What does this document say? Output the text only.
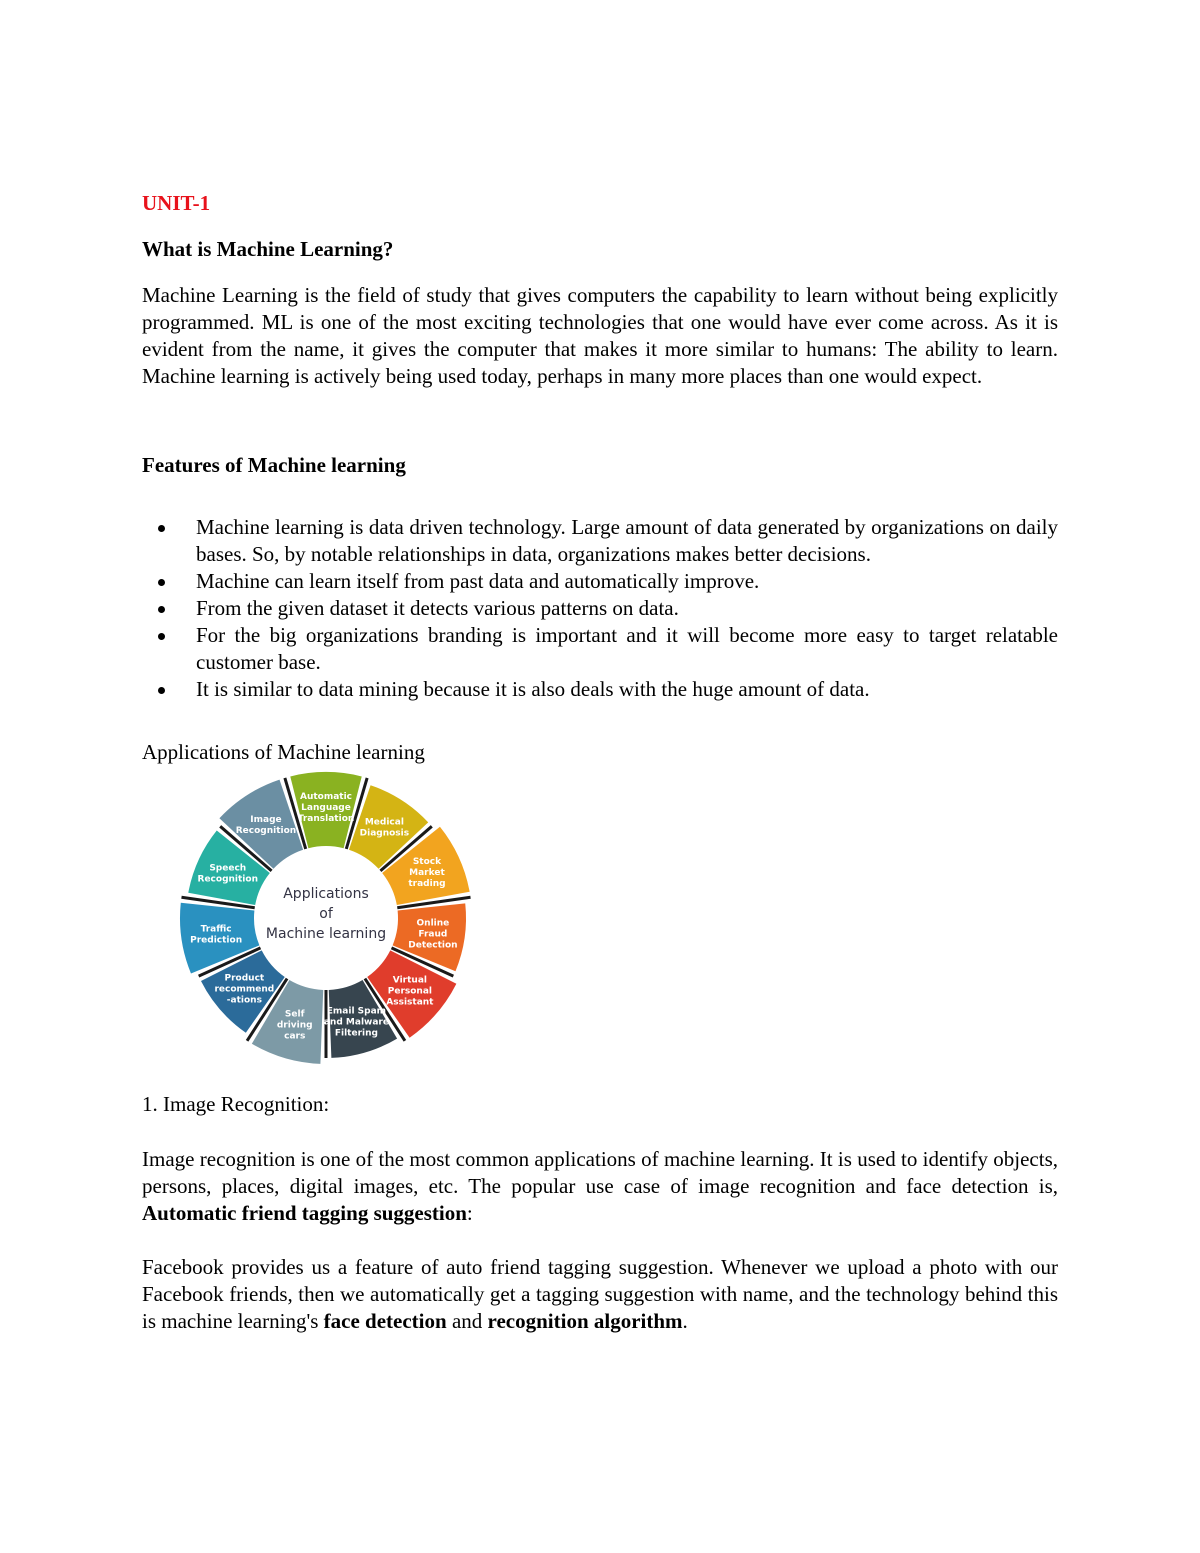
UNIT-1

What is Machine Learning?

Machine Learning is the field of study that gives computers the capability to learn without being explicitly programmed. ML is one of the most exciting technologies that one would have ever come across. As it is evident from the name, it gives the computer that makes it more similar to humans: The ability to learn. Machine learning is actively being used today, perhaps in many more places than one would expect.

Features of Machine learning

Machine learning is data driven technology. Large amount of data generated by organizations on daily bases. So, by notable relationships in data, organizations makes better decisions.
Machine can learn itself from past data and automatically improve.
From the given dataset it detects various patterns on data.
For the big organizations branding is important and it will become more easy to target relatable customer base.
It is similar to data mining because it is also deals with the huge amount of data.

Applications of Machine learning

Automatic Language Translation	Medical Diagnosis
Stock Market trading
Online Fraud Detection
Virtual Personal Assistant
Email Spam and Malware Filtering
Self driving cars
Product recommend -ations
Traffic Prediction
Speech Recognition
Image Recognition
Applications of Machine learning

1. Image Recognition:

Image recognition is one of the most common applications of machine learning. It is used to identify objects, persons, places, digital images, etc. The popular use case of image recognition and face detection is, Automatic friend tagging suggestion:

Facebook provides us a feature of auto friend tagging suggestion. Whenever we upload a photo with our Facebook friends, then we automatically get a tagging suggestion with name, and the technology behind this is machine learning's face detection and recognition algorithm.
